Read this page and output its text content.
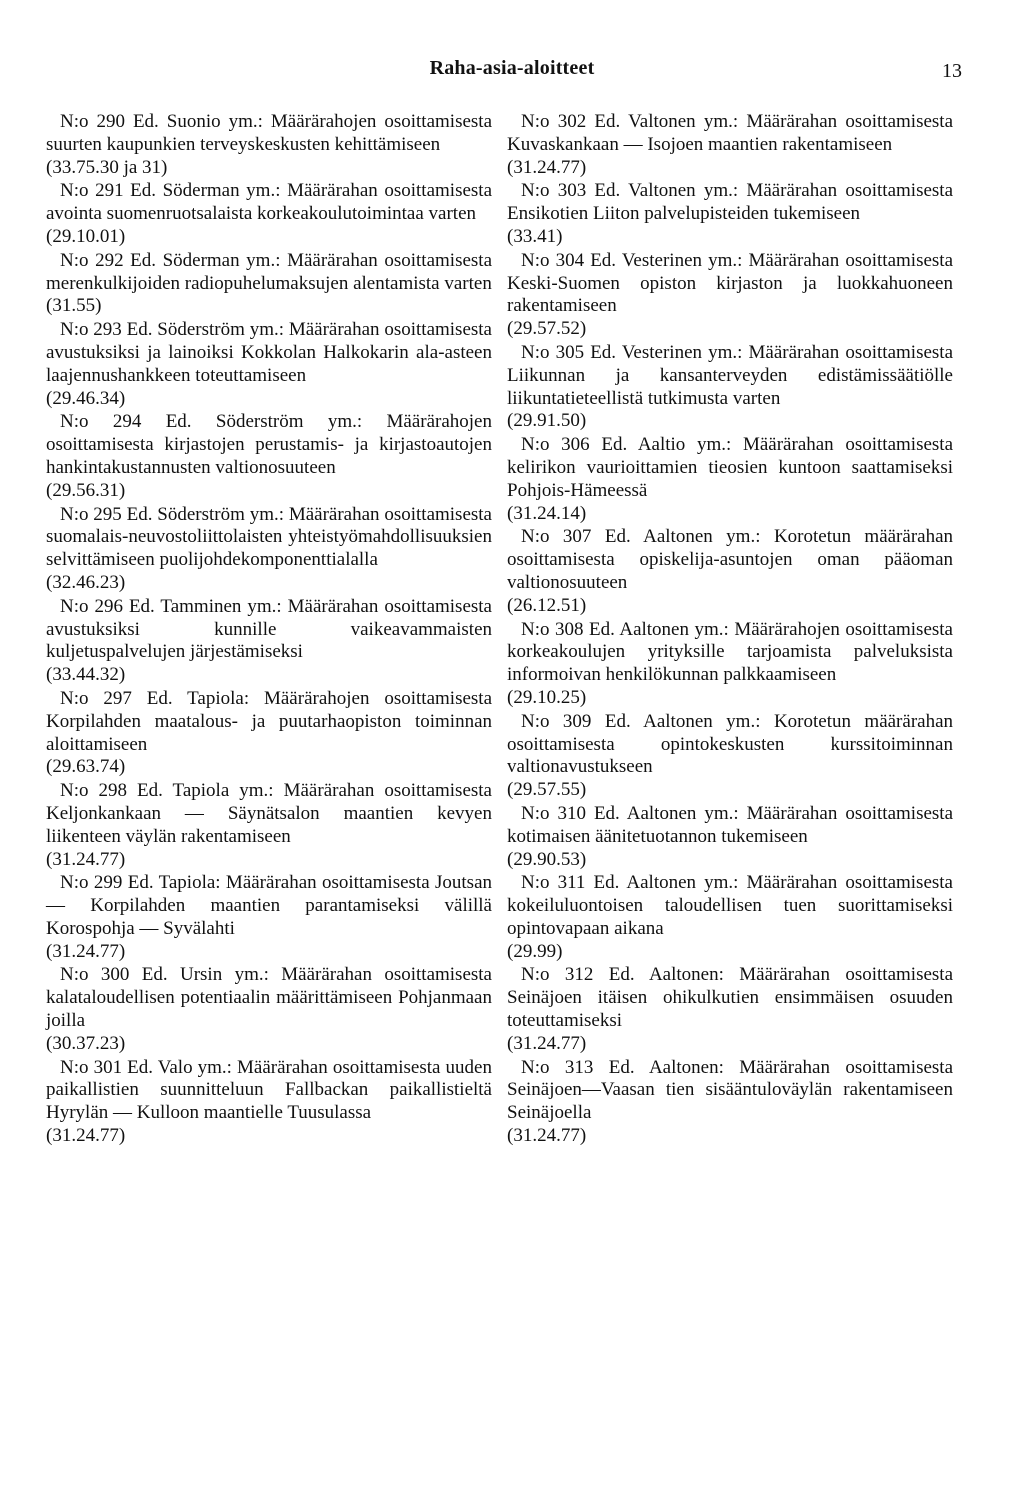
Raha-asia-aloitteet	13
N:o 290 Ed. Suonio ym.: Määrärahojen osoittamisesta suurten kaupunkien terveyskeskusten kehittämiseen
(33.75.30 ja 31)
N:o 291 Ed. Söderman ym.: Määrärahan osoittamisesta avointa suomenruotsalaista korkeakoulutoimintaa varten
(29.10.01)
N:o 292 Ed. Söderman ym.: Määrärahan osoittamisesta merenkulkijoiden radiopuhelumaksujen alentamista varten
(31.55)
N:o 293 Ed. Söderström ym.: Määrärahan osoittamisesta avustuksiksi ja lainoiksi Kokkolan Halkokarin ala-asteen laajennushankkeen toteuttamiseen
(29.46.34)
N:o 294 Ed. Söderström ym.: Määrärahojen osoittamisesta kirjastojen perustamis- ja kirjastoautojen hankintakustannusten valtionosuuteen
(29.56.31)
N:o 295 Ed. Söderström ym.: Määrärahan osoittamisesta suomalais-neuvostoliittolaisten yhteistyömahdollisuuksien selvittämiseen puolijohdekomponenttialalla
(32.46.23)
N:o 296 Ed. Tamminen ym.: Määrärahan osoittamisesta avustuksiksi kunnille vaikeavammaisten kuljetuspalvelujen järjestämiseksi
(33.44.32)
N:o 297 Ed. Tapiola: Määrärahojen osoittamisesta Korpilahden maatalous- ja puutarhaopiston toiminnan aloittamiseen
(29.63.74)
N:o 298 Ed. Tapiola ym.: Määrärahan osoittamisesta Keljonkankaan — Säynätsalon maantien kevyen liikenteen väylän rakentamiseen
(31.24.77)
N:o 299 Ed. Tapiola: Määrärahan osoittamisesta Joutsan — Korpilahden maantien parantamiseksi välillä Korospohja — Syvälahti
(31.24.77)
N:o 300 Ed. Ursin ym.: Määrärahan osoittamisesta kalataloudellisen potentiaalin määrittämiseen Pohjanmaan joilla
(30.37.23)
N:o 301 Ed. Valo ym.: Määrärahan osoittamisesta uuden paikallistien suunnitteluun Fallbackan paikallistieltä Hyrylän — Kulloon maantielle Tuusulassa
(31.24.77)
N:o 302 Ed. Valtonen ym.: Määrärahan osoittamisesta Kuvaskankaan — Isojoen maantien rakentamiseen
(31.24.77)
N:o 303 Ed. Valtonen ym.: Määrärahan osoittamisesta Ensikotien Liiton palvelupisteiden tukemiseen
(33.41)
N:o 304 Ed. Vesterinen ym.: Määrärahan osoittamisesta Keski-Suomen opiston kirjaston ja luokkahuoneen rakentamiseen
(29.57.52)
N:o 305 Ed. Vesterinen ym.: Määrärahan osoittamisesta Liikunnan ja kansanterveyden edistämissäätiölle liikuntatieteellistä tutkimusta varten
(29.91.50)
N:o 306 Ed. Aaltio ym.: Määrärahan osoittamisesta kelirikon vaurioittamien tieosien kuntoon saattamiseksi Pohjois-Hämeessä
(31.24.14)
N:o 307 Ed. Aaltonen ym.: Korotetun määrärahan osoittamisesta opiskelija-asuntojen oman pääoman valtionosuuteen
(26.12.51)
N:o 308 Ed. Aaltonen ym.: Määrärahojen osoittamisesta korkeakoulujen yrityksille tarjoamista palveluksista informoivan henkilökunnan palkkaamiseen
(29.10.25)
N:o 309 Ed. Aaltonen ym.: Korotetun määrärahan osoittamisesta opintokeskusten kurssitoiminnan valtionavustukseen
(29.57.55)
N:o 310 Ed. Aaltonen ym.: Määrärahan osoittamisesta kotimaisen äänitetuotannon tukemiseen
(29.90.53)
N:o 311 Ed. Aaltonen ym.: Määrärahan osoittamisesta kokeiluluontoisen taloudellisen tuen suorittamiseksi opintovapaan aikana
(29.99)
N:o 312 Ed. Aaltonen: Määrärahan osoittamisesta Seinäjoen itäisen ohikulkutien ensimmäisen osuuden toteuttamiseksi
(31.24.77)
N:o 313 Ed. Aaltonen: Määrärahan osoittamisesta Seinäjoen—Vaasan tien sisääntuloväylän rakentamiseen Seinäjoella
(31.24.77)
